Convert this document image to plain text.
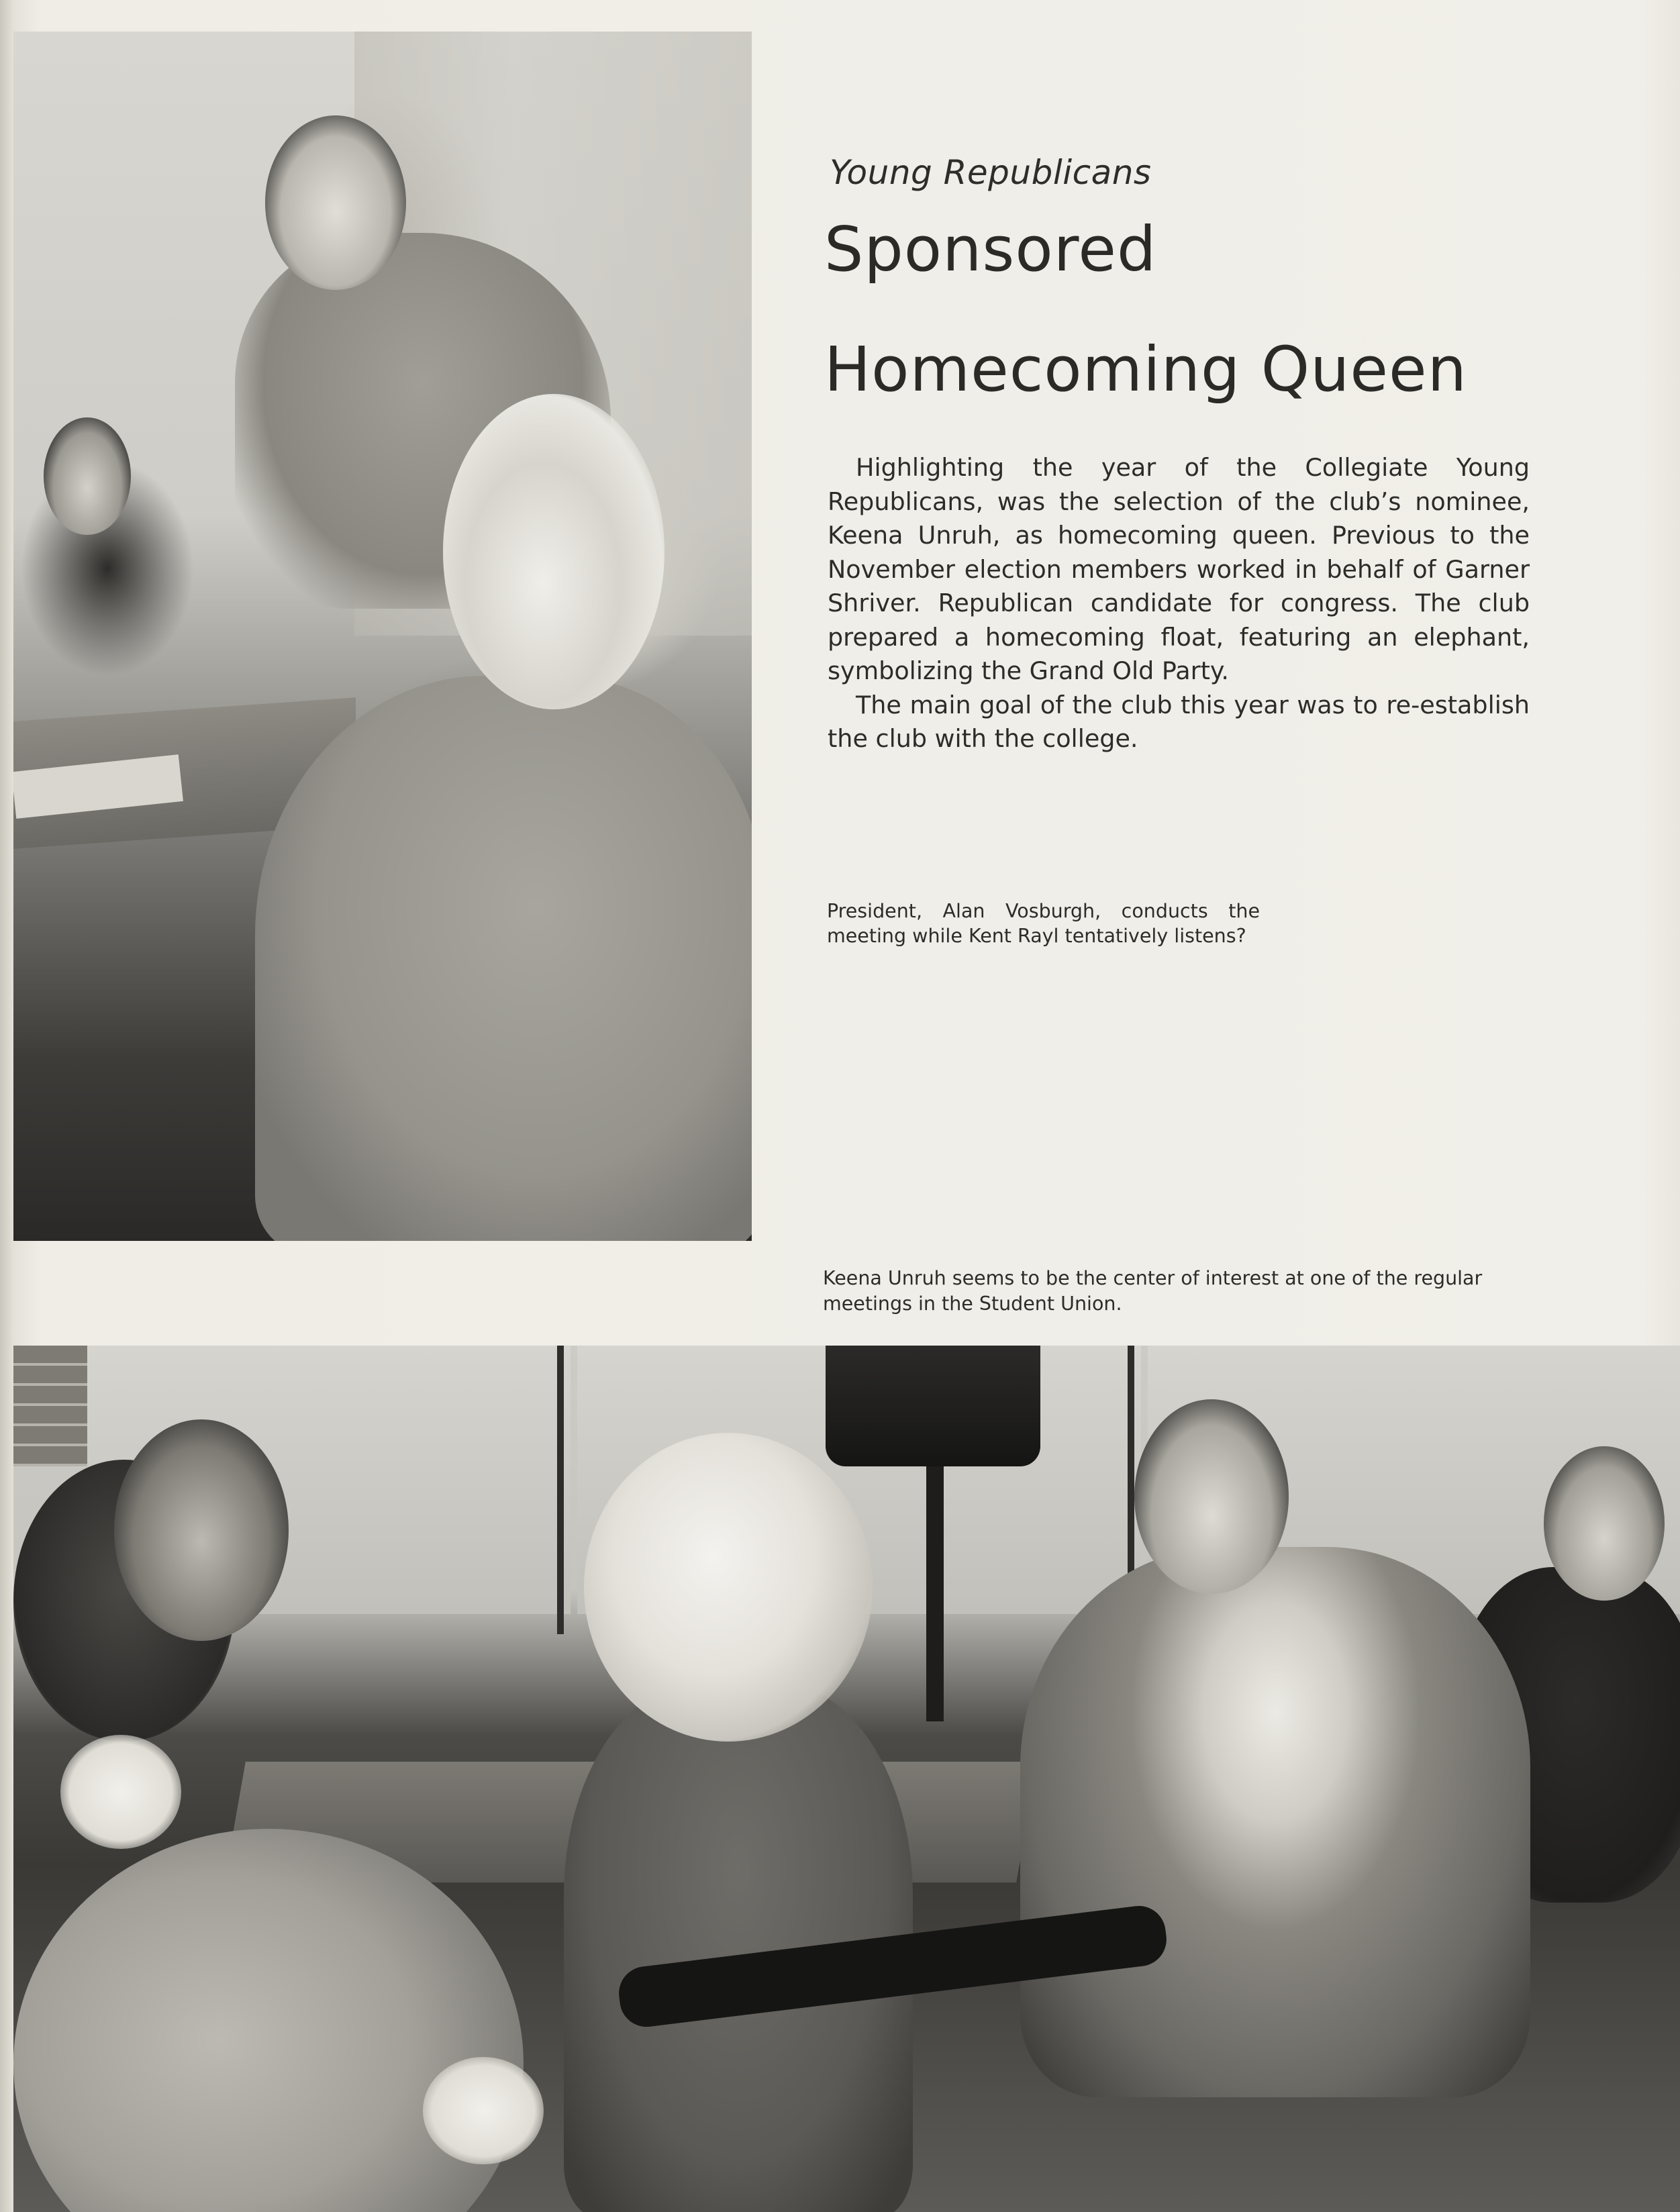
Young Republicans
Sponsored
Homecoming Queen

Highlighting the year of the Collegiate Young Republicans, was the selection of the club’s nominee, Keena Unruh, as homecoming queen. Previous to the November election members worked in behalf of Garner Shriver. Republican candidate for congress. The club prepared a homecoming float, featuring an elephant, symbolizing the Grand Old Party.

The main goal of the club this year was to re-establish the club with the college.

President, Alan Vosburgh, conducts the meeting while Kent Rayl tentatively listens?
Keena Unruh seems to be the center of interest at one of the regular meetings in the Student Union.
